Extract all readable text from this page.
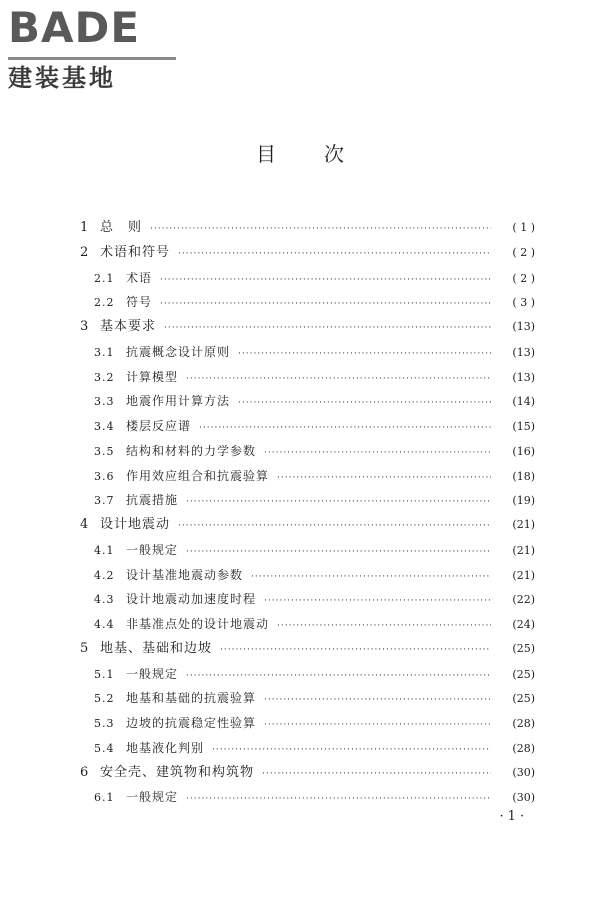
BADE
建装基地
目次
1 总　则 ·····	( 1 )
2 术语和符号 ·····	( 2 )
2.1 术语 ·····	( 2 )
2.2 符号 ·····	( 3 )
3 基本要求 ·····	(13)
3.1 抗震概念设计原则 ·····	(13)
3.2 计算模型 ·····	(13)
3.3 地震作用计算方法 ·····	(14)
3.4 楼层反应谱 ·····	(15)
3.5 结构和材料的力学参数 ·····	(16)
3.6 作用效应组合和抗震验算 ·····	(18)
3.7 抗震措施 ·····	(19)
4 设计地震动 ·····	(21)
4.1 一般规定 ·····	(21)
4.2 设计基准地震动参数 ·····	(21)
4.3 设计地震动加速度时程 ·····	(22)
4.4 非基准点处的设计地震动 ·····	(24)
5 地基、基础和边坡 ·····	(25)
5.1 一般规定 ·····	(25)
5.2 地基和基础的抗震验算 ·····	(25)
5.3 边坡的抗震稳定性验算 ·····	(28)
5.4 地基液化判别 ·····	(28)
6 安全壳、建筑物和构筑物 ·····	(30)
6.1 一般规定 ·····	(30)
·1·
